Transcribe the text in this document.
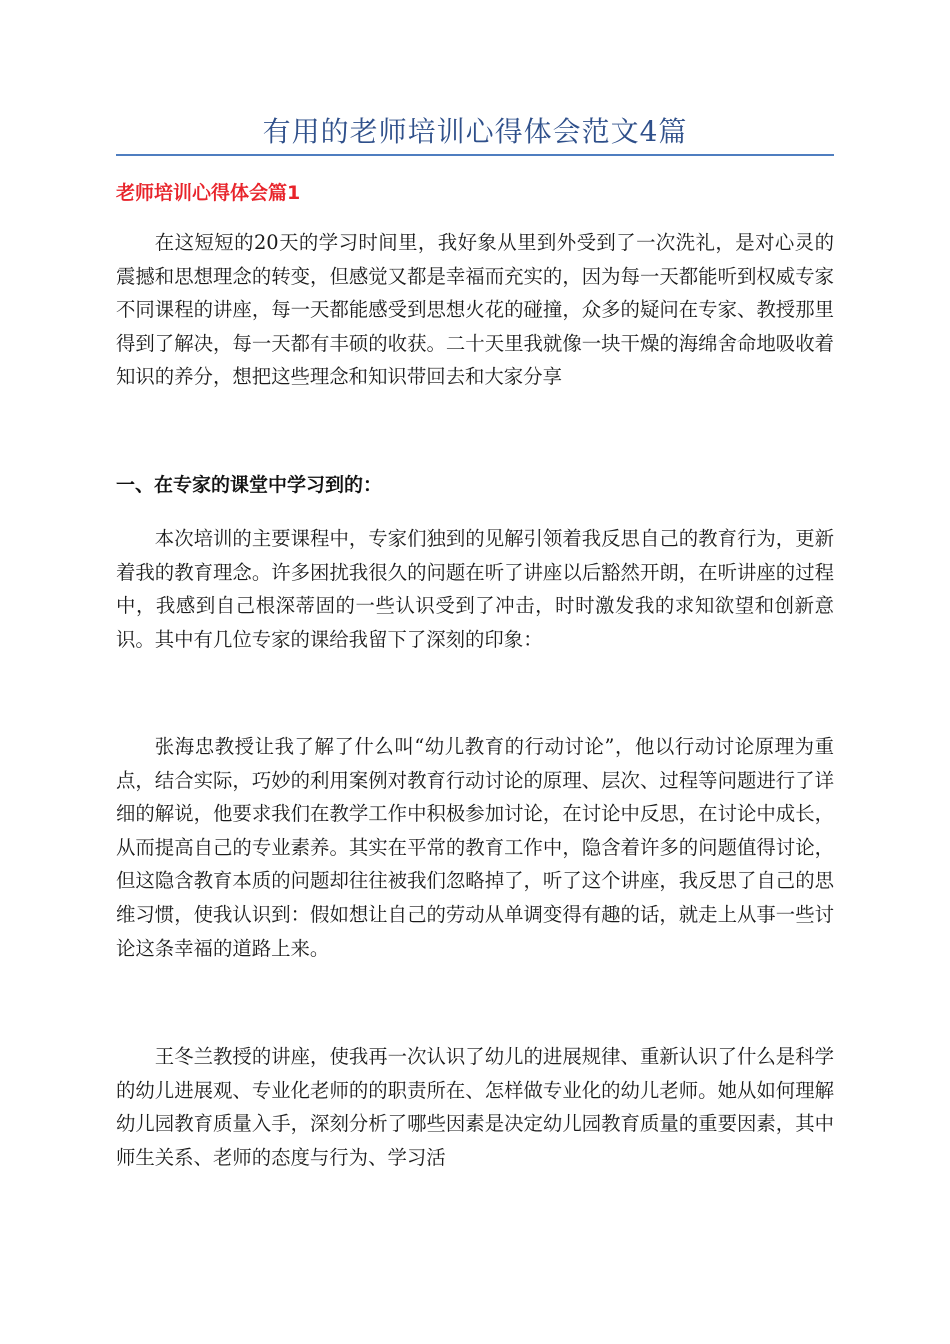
有用的老师培训心得体会范文4篇
老师培训心得体会篇1

在这短短的20天的学习时间里，我好象从里到外受到了一次洗礼，是对心灵的震撼和思想理念的转变，但感觉又都是幸福而充实的，因为每一天都能听到权威专家不同课程的讲座，每一天都能感受到思想火花的碰撞，众多的疑问在专家、教授那里得到了解决，每一天都有丰硕的收获。二十天里我就像一块干燥的海绵舍命地吸收着知识的养分，想把这些理念和知识带回去和大家分享

一、在专家的课堂中学习到的：

本次培训的主要课程中，专家们独到的见解引领着我反思自己的教育行为，更新着我的教育理念。许多困扰我很久的问题在听了讲座以后豁然开朗，在听讲座的过程中，我感到自己根深蒂固的一些认识受到了冲击，时时激发我的求知欲望和创新意识。其中有几位专家的课给我留下了深刻的印象：

张海忠教授让我了解了什么叫“幼儿教育的行动讨论”，他以行动讨论原理为重点，结合实际，巧妙的利用案例对教育行动讨论的原理、层次、过程等问题进行了详细的解说，他要求我们在教学工作中积极参加讨论，在讨论中反思，在讨论中成长，从而提高自己的专业素养。其实在平常的教育工作中，隐含着许多的问题值得讨论，但这隐含教育本质的问题却往往被我们忽略掉了，听了这个讲座，我反思了自己的思维习惯，使我认识到：假如想让自己的劳动从单调变得有趣的话，就走上从事一些讨论这条幸福的道路上来。

王冬兰教授的讲座，使我再一次认识了幼儿的进展规律、重新认识了什么是科学的幼儿进展观、专业化老师的的职责所在、怎样做专业化的幼儿老师。她从如何理解幼儿园教育质量入手，深刻分析了哪些因素是决定幼儿园教育质量的重要因素，其中师生关系、老师的态度与行为、学习活
